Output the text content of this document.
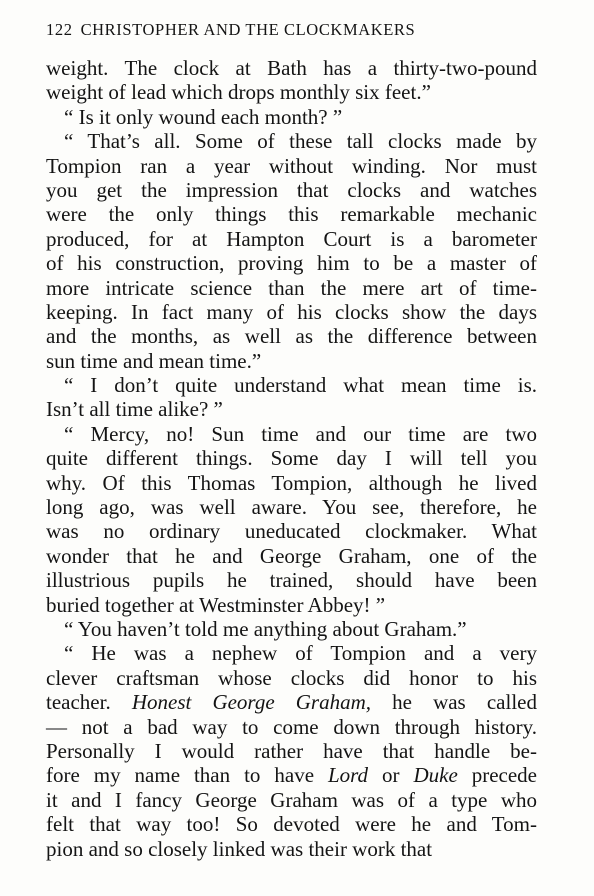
122 CHRISTOPHER AND THE CLOCKMAKERS
weight. The clock at Bath has a thirty-two-pound
weight of lead which drops monthly six feet.”
“ Is it only wound each month? ”
“ That’s all. Some of these tall clocks made by
Tompion ran a year without winding. Nor must
you get the impression that clocks and watches
were the only things this remarkable mechanic
produced, for at Hampton Court is a barometer
of his construction, proving him to be a master of
more intricate science than the mere art of time-
keeping. In fact many of his clocks show the days
and the months, as well as the difference between
sun time and mean time.”
“ I don’t quite understand what mean time is.
Isn’t all time alike? ”
“ Mercy, no! Sun time and our time are two
quite different things. Some day I will tell you
why. Of this Thomas Tompion, although he lived
long ago, was well aware. You see, therefore, he
was no ordinary uneducated clockmaker. What
wonder that he and George Graham, one of the
illustrious pupils he trained, should have been
buried together at Westminster Abbey! ”
“ You haven’t told me anything about Graham.”
“ He was a nephew of Tompion and a very
clever craftsman whose clocks did honor to his
teacher. Honest George Graham, he was called
— not a bad way to come down through history.
Personally I would rather have that handle be-
fore my name than to have Lord or Duke precede
it and I fancy George Graham was of a type who
felt that way too! So devoted were he and Tom-
pion and so closely linked was their work that
